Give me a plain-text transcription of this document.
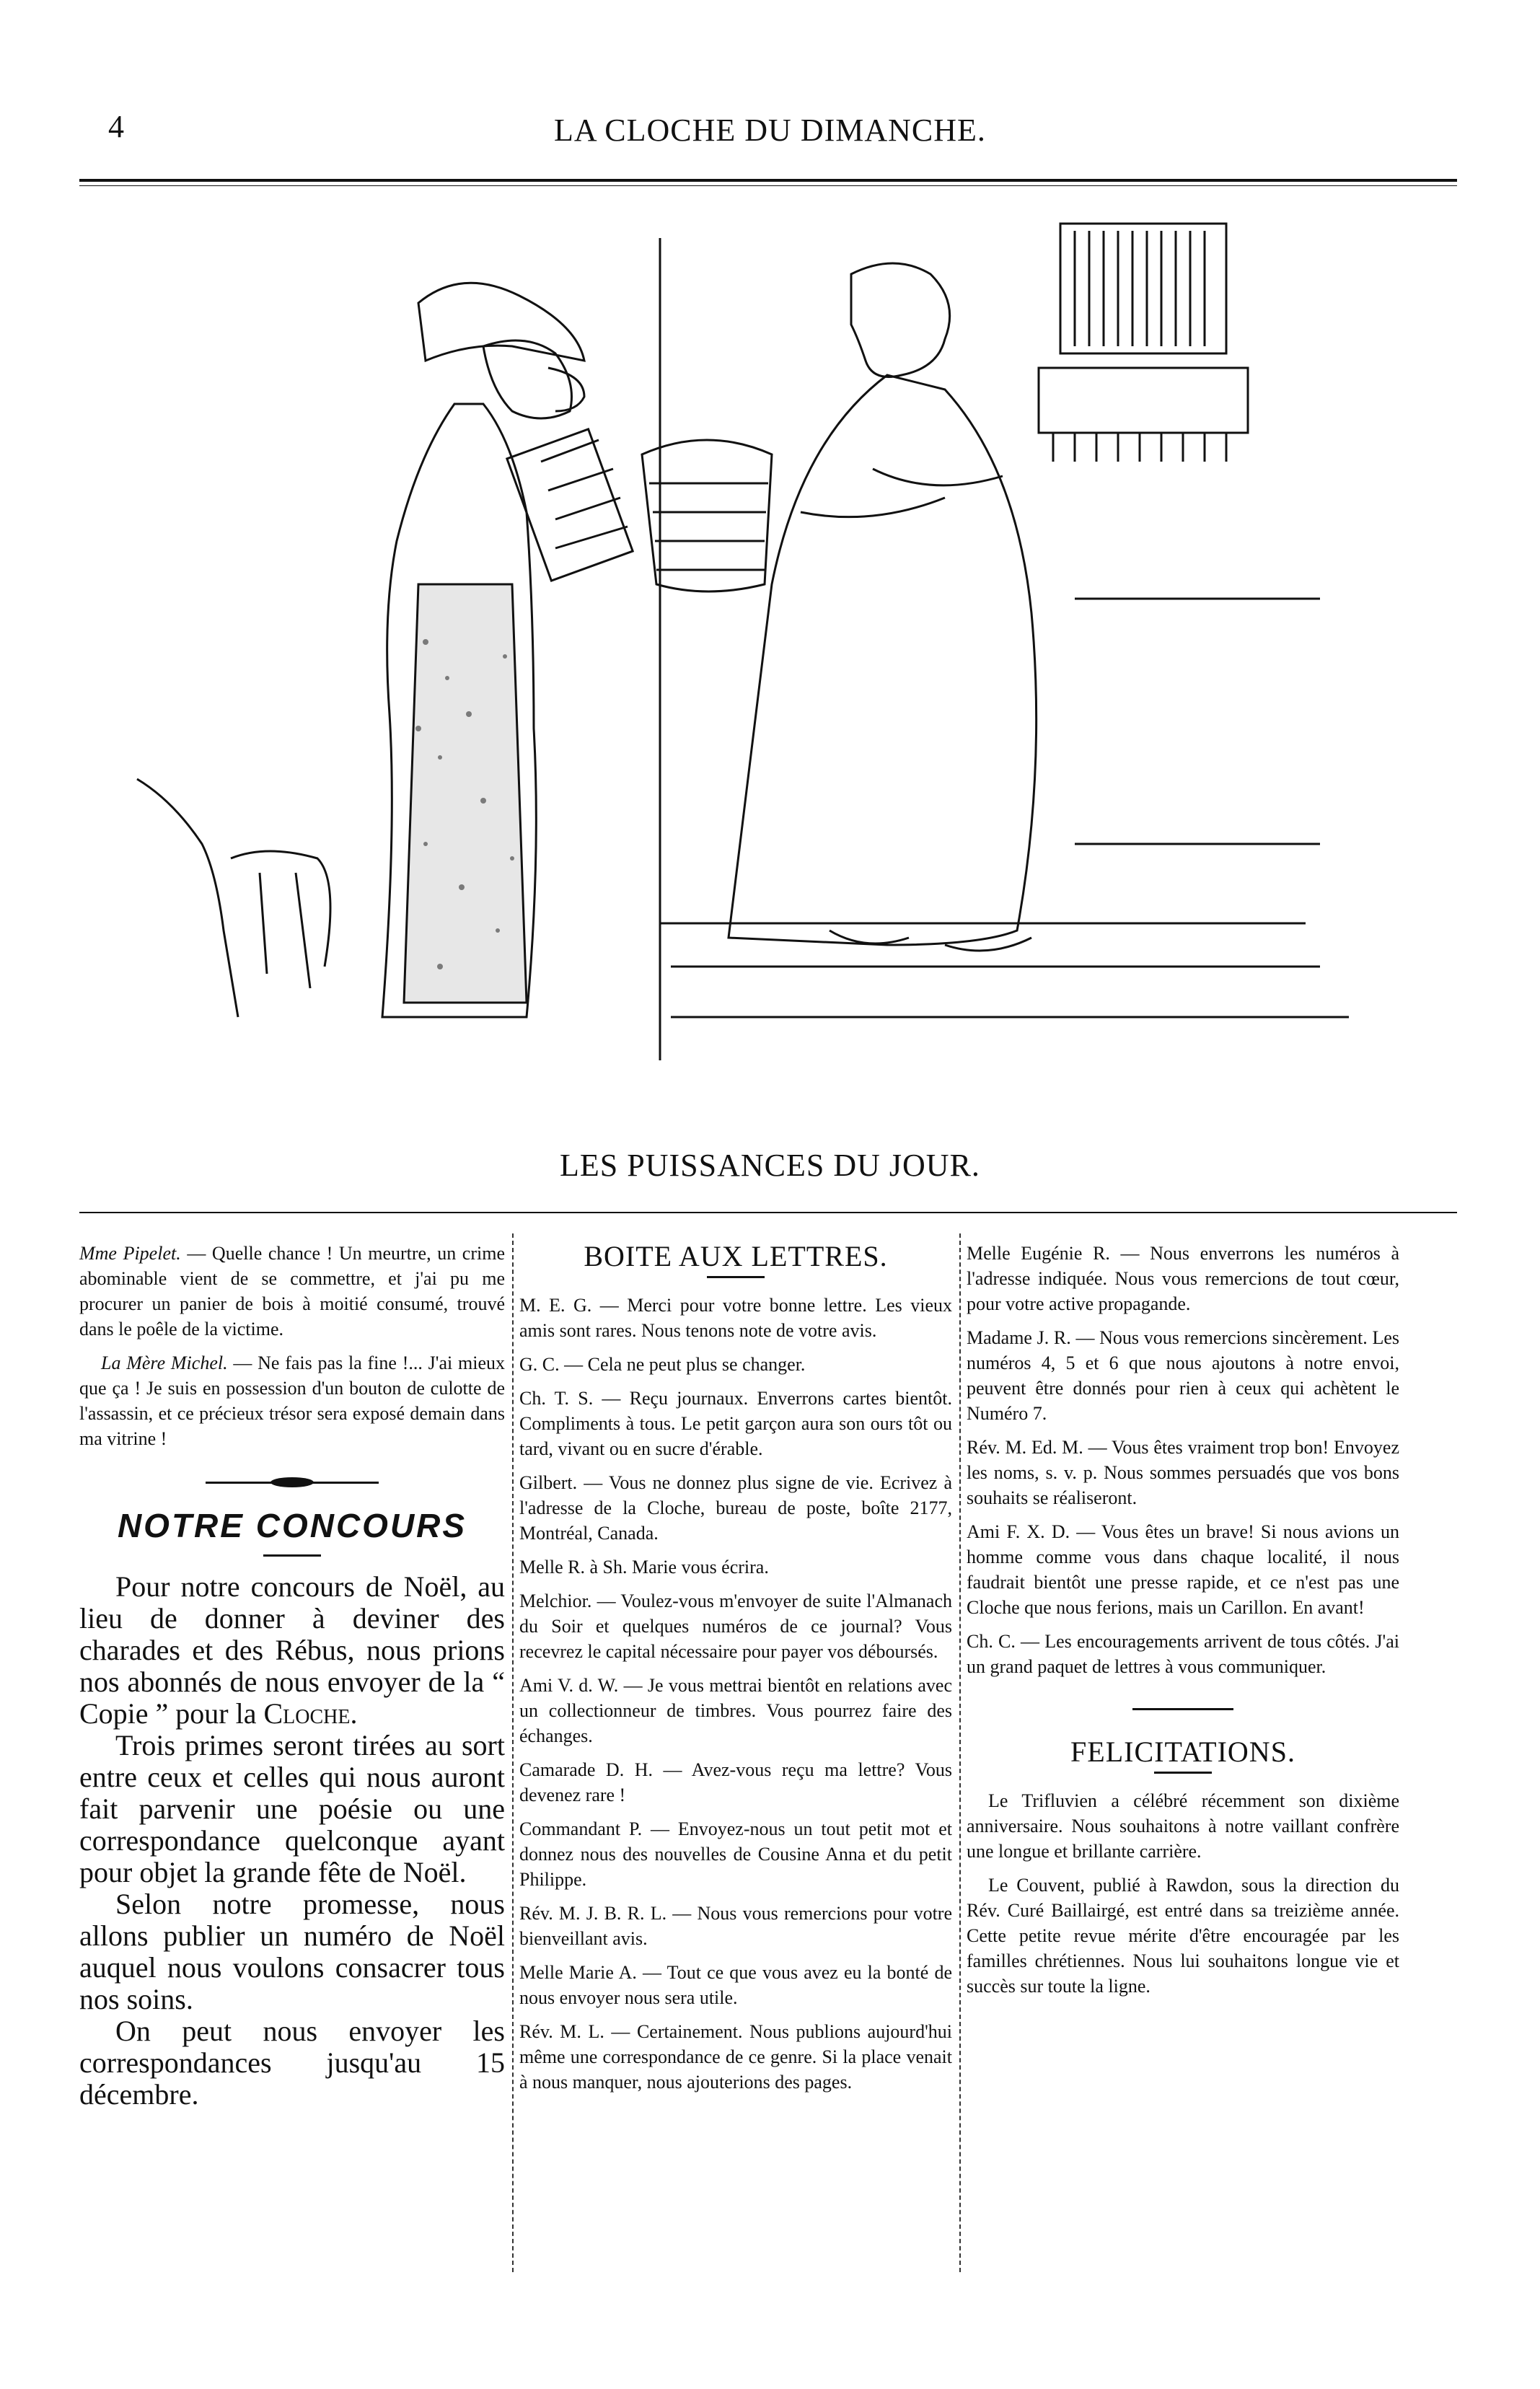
4	LA CLOCHE DU DIMANCHE.
LES PUISSANCES DU JOUR.

Mme Pipelet. — Quelle chance ! Un meurtre, un crime abominable vient de se commettre, et j'ai pu me procurer un panier de bois à moitié consumé, trouvé dans le poêle de la victime.

La Mère Michel. — Ne fais pas la fine !... J'ai mieux que ça ! Je suis en possession d'un bouton de culotte de l'assassin, et ce précieux trésor sera exposé demain dans ma vitrine !

NOTRE CONCOURS

Pour notre concours de Noël, au lieu de donner à deviner des charades et des Rébus, nous prions nos abonnés de nous envoyer de la “ Copie ” pour la Cloche.

Trois primes seront tirées au sort entre ceux et celles qui nous auront fait parvenir une poésie ou une correspondance quelconque ayant pour objet la grande fête de Noël.

Selon notre promesse, nous allons publier un numéro de Noël auquel nous voulons consacrer tous nos soins.

On peut nous envoyer les correspondances jusqu'au 15 décembre.

BOITE AUX LETTRES.

M. E. G. — Merci pour votre bonne lettre. Les vieux amis sont rares. Nous tenons note de votre avis.

G. C. — Cela ne peut plus se changer.

Ch. T. S. — Reçu journaux. Enverrons cartes bientôt. Compliments à tous. Le petit garçon aura son ours tôt ou tard, vivant ou en sucre d'érable.

Gilbert. — Vous ne donnez plus signe de vie. Ecrivez à l'adresse de la Cloche, bureau de poste, boîte 2177, Montréal, Canada.

Melle R. à Sh. Marie vous écrira.

Melchior. — Voulez-vous m'envoyer de suite l'Almanach du Soir et quelques numéros de ce journal? Vous recevrez le capital nécessaire pour payer vos déboursés.

Ami V. d. W. — Je vous mettrai bientôt en relations avec un collectionneur de timbres. Vous pourrez faire des échanges.

Camarade D. H. — Avez-vous reçu ma lettre? Vous devenez rare !

Commandant P. — Envoyez-nous un tout petit mot et donnez nous des nouvelles de Cousine Anna et du petit Philippe.

Rév. M. J. B. R. L. — Nous vous remercions pour votre bienveillant avis.

Melle Marie A. — Tout ce que vous avez eu la bonté de nous envoyer nous sera utile.

Rév. M. L. — Certainement. Nous publions aujourd'hui même une correspondance de ce genre. Si la place venait à nous manquer, nous ajouterions des pages.

Melle Eugénie R. — Nous enverrons les numéros à l'adresse indiquée. Nous vous remercions de tout cœur, pour votre active propagande.

Madame J. R. — Nous vous remercions sincèrement. Les numéros 4, 5 et 6 que nous ajoutons à notre envoi, peuvent être donnés pour rien à ceux qui achètent le Numéro 7.

Rév. M. Ed. M. — Vous êtes vraiment trop bon! Envoyez les noms, s. v. p. Nous sommes persuadés que vos bons souhaits se réaliseront.

Ami F. X. D. — Vous êtes un brave! Si nous avions un homme comme vous dans chaque localité, il nous faudrait bientôt une presse rapide, et ce n'est pas une Cloche que nous ferions, mais un Carillon. En avant!

Ch. C. — Les encouragements arrivent de tous côtés. J'ai un grand paquet de lettres à vous communiquer.

FELICITATIONS.

Le Trifluvien a célébré récemment son dixième anniversaire. Nous souhaitons à notre vaillant confrère une longue et brillante carrière.

Le Couvent, publié à Rawdon, sous la direction du Rév. Curé Baillairgé, est entré dans sa treizième année. Cette petite revue mérite d'être encouragée par les familles chrétiennes. Nous lui souhaitons longue vie et succès sur toute la ligne.
